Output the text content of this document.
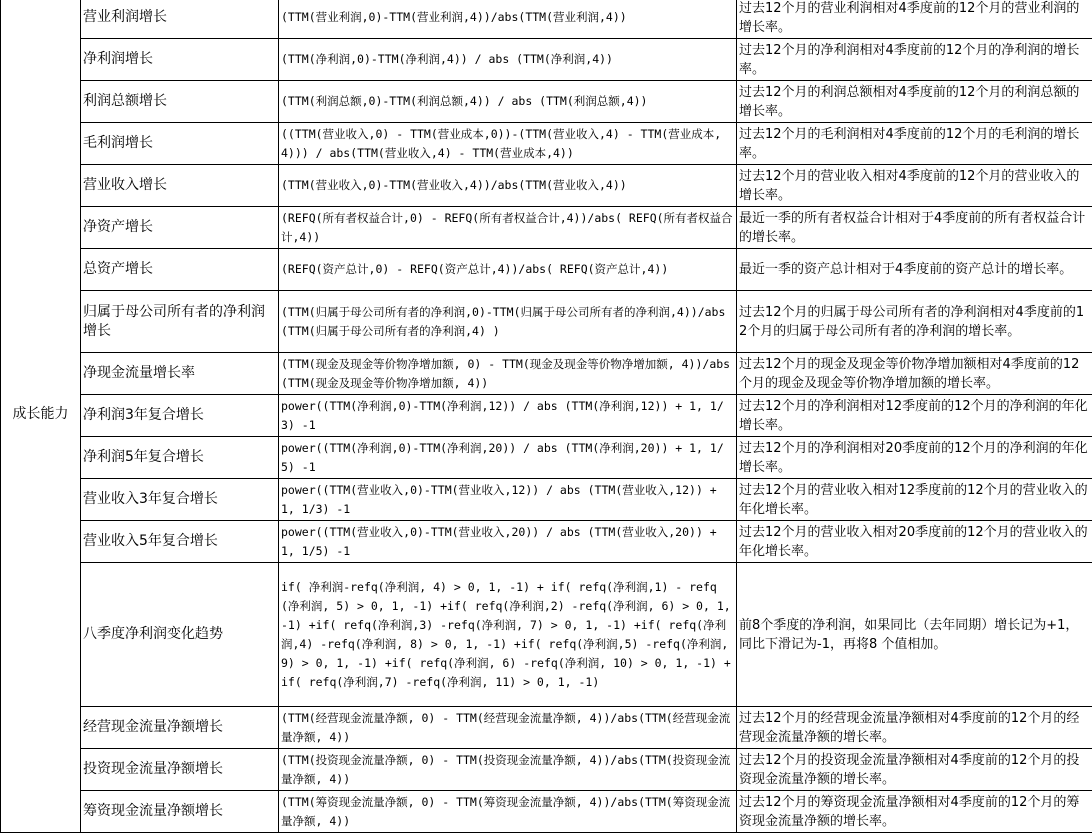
成长能力	营业利润增长	(TTM(营业利润,0)-TTM(营业利润,4))/abs(TTM(营业利润,4))	过去12个月的营业利润相对4季度前的12个月的营业利润的增长率。
	净利润增长	(TTM(净利润,0)-TTM(净利润,4)) / abs (TTM(净利润,4))	过去12个月的净利润相对4季度前的12个月的净利润的增长率。
	利润总额增长	(TTM(利润总额,0)-TTM(利润总额,4)) / abs (TTM(利润总额,4))	过去12个月的利润总额相对4季度前的12个月的利润总额的增长率。
	毛利润增长	((TTM(营业收入,0) - TTM(营业成本,0))-(TTM(营业收入,4) - TTM(营业成本,4))) / abs(TTM(营业收入,4) - TTM(营业成本,4))	过去12个月的毛利润相对4季度前的12个月的毛利润的增长率。
	营业收入增长	(TTM(营业收入,0)-TTM(营业收入,4))/abs(TTM(营业收入,4))	过去12个月的营业收入相对4季度前的12个月的营业收入的增长率。
	净资产增长	(REFQ(所有者权益合计,0) - REFQ(所有者权益合计,4))/abs( REFQ(所有者权益合计,4))	最近一季的所有者权益合计相对于4季度前的所有者权益合计的增长率。
	总资产增长	(REFQ(资产总计,0) - REFQ(资产总计,4))/abs( REFQ(资产总计,4))	最近一季的资产总计相对于4季度前的资产总计的增长率。
	归属于母公司所有者的净利润增长	(TTM(归属于母公司所有者的净利润,0)-TTM(归属于母公司所有者的净利润,4))/abs(TTM(归属于母公司所有者的净利润,4) )	过去12个月的归属于母公司所有者的净利润相对4季度前的12个月的归属于母公司所有者的净利润的增长率。
	净现金流量增长率	(TTM(现金及现金等价物净增加额, 0) - TTM(现金及现金等价物净增加额, 4))/abs(TTM(现金及现金等价物净增加额, 4))	过去12个月的现金及现金等价物净增加额相对4季度前的12个月的现金及现金等价物净增加额的增长率。
	净利润3年复合增长	power((TTM(净利润,0)-TTM(净利润,12)) / abs (TTM(净利润,12)) + 1, 1/3) -1	过去12个月的净利润相对12季度前的12个月的净利润的年化增长率。
	净利润5年复合增长	power((TTM(净利润,0)-TTM(净利润,20)) / abs (TTM(净利润,20)) + 1, 1/5) -1	过去12个月的净利润相对20季度前的12个月的净利润的年化增长率。
	营业收入3年复合增长	power((TTM(营业收入,0)-TTM(营业收入,12)) / abs (TTM(营业收入,12)) + 1, 1/3) -1	过去12个月的营业收入相对12季度前的12个月的营业收入的年化增长率。
	营业收入5年复合增长	power((TTM(营业收入,0)-TTM(营业收入,20)) / abs (TTM(营业收入,20)) + 1, 1/5) -1	过去12个月的营业收入相对20季度前的12个月的营业收入的年化增长率。
	八季度净利润变化趋势	if( 净利润-refq(净利润, 4) > 0, 1, -1) + if( refq(净利润,1) - refq(净利润, 5) > 0, 1, -1) +if( refq(净利润,2) -refq(净利润, 6) > 0, 1, -1) +if( refq(净利润,3) -refq(净利润, 7) > 0, 1, -1) +if( refq(净利润,4) -refq(净利润, 8) > 0, 1, -1) +if( refq(净利润,5) -refq(净利润, 9) > 0, 1, -1) +if( refq(净利润, 6) -refq(净利润, 10) > 0, 1, -1) +if( refq(净利润,7) -refq(净利润, 11) > 0, 1, -1)	前8个季度的净利润，如果同比（去年同期）增长记为+1，同比下滑记为-1，再将8 个值相加。
	经营现金流量净额增长	(TTM(经营现金流量净额, 0) - TTM(经营现金流量净额, 4))/abs(TTM(经营现金流量净额, 4))	过去12个月的经营现金流量净额相对4季度前的12个月的经营现金流量净额的增长率。
	投资现金流量净额增长	(TTM(投资现金流量净额, 0) - TTM(投资现金流量净额, 4))/abs(TTM(投资现金流量净额, 4))	过去12个月的投资现金流量净额相对4季度前的12个月的投资现金流量净额的增长率。
	筹资现金流量净额增长	(TTM(筹资现金流量净额, 0) - TTM(筹资现金流量净额, 4))/abs(TTM(筹资现金流量净额, 4))	过去12个月的筹资现金流量净额相对4季度前的12个月的筹资现金流量净额的增长率。
